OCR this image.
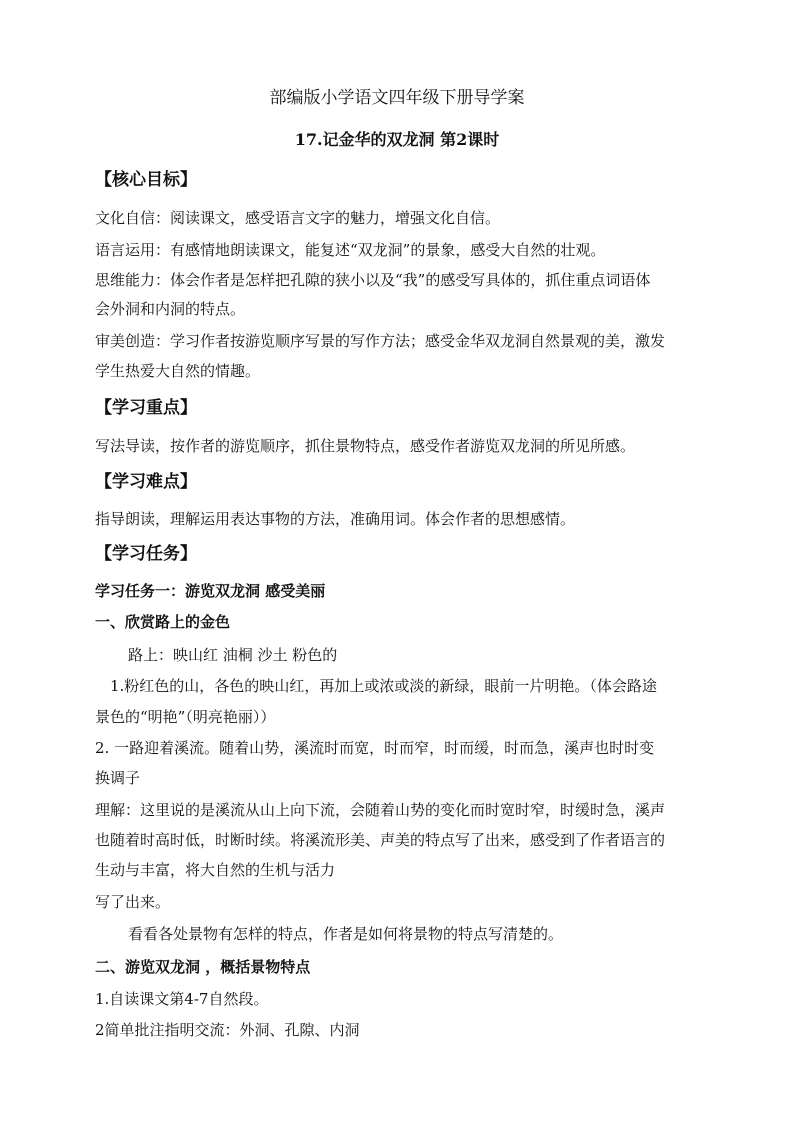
部编版小学语文四年级下册导学案
17.记金华的双龙洞 第2课时
【核心目标】
文化自信：阅读课文，感受语言文字的魅力，增强文化自信。
语言运用：有感情地朗读课文，能复述“双龙洞”的景象，感受大自然的壮观。
思维能力：体会作者是怎样把孔隙的狭小以及“我”的感受写具体的，抓住重点词语体
会外洞和内洞的特点。
审美创造：学习作者按游览顺序写景的写作方法；感受金华双龙洞自然景观的美，激发
学生热爱大自然的情趣。
【学习重点】
写法导读，按作者的游览顺序，抓住景物特点，感受作者游览双龙洞的所见所感。
【学习难点】
指导朗读，理解运用表达事物的方法，准确用词。体会作者的思想感情。
【学习任务】
学习任务一：游览双龙洞 感受美丽
一、欣赏路上的金色
路上：映山红 油桐 沙土 粉色的
1.粉红色的山，各色的映山红，再加上或浓或淡的新绿，眼前一片明艳。（体会路途
景色的“明艳”（明亮艳丽））
2. 一路迎着溪流。随着山势，溪流时而宽，时而窄，时而缓，时而急，溪声也时时变
换调子
理解：这里说的是溪流从山上向下流，会随着山势的变化而时宽时窄，时缓时急，溪声
也随着时高时低，时断时续。将溪流形美、声美的特点写了出来，感受到了作者语言的
生动与丰富，将大自然的生机与活力
写了出来。
看看各处景物有怎样的特点，作者是如何将景物的特点写清楚的。
二、游览双龙洞 ，概括景物特点
1.自读课文第4-7自然段。
2简单批注指明交流：外洞、孔隙、内洞
